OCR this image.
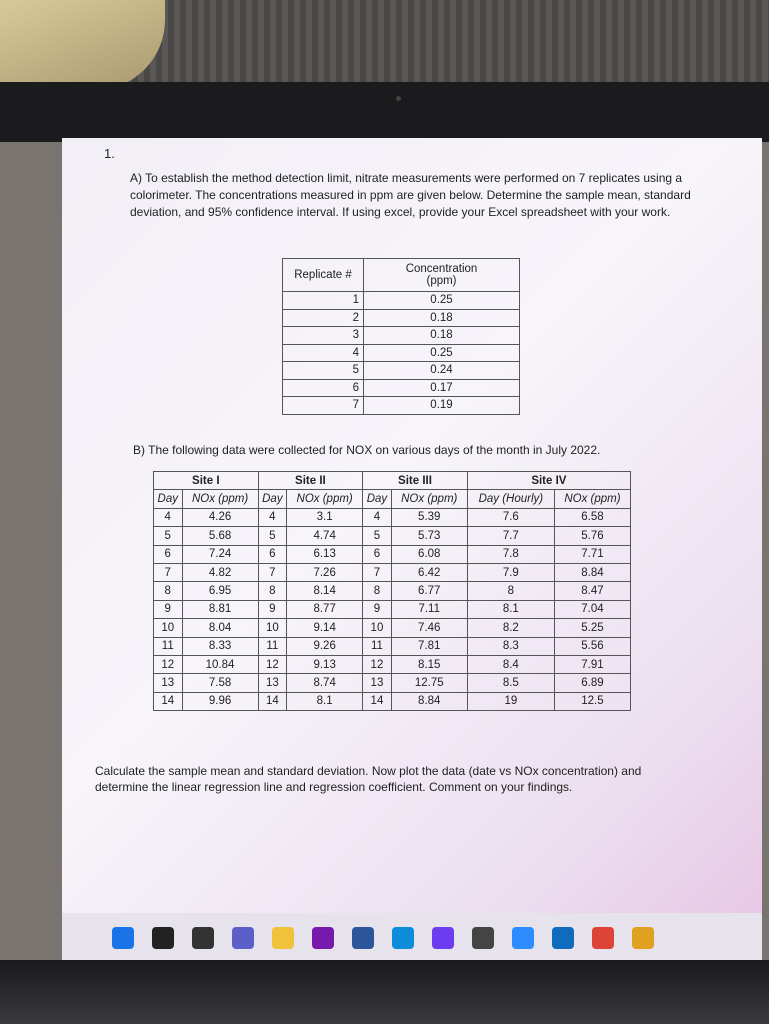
1.
A) To establish the method detection limit, nitrate measurements were performed on 7 replicates using a colorimeter. The concentrations measured in ppm are given below. Determine the sample mean, standard deviation, and 95% confidence interval. If using excel, provide your Excel spreadsheet with your work.
Replicate #	Concentration
(ppm)

1	0.25
2	0.18
3	0.18
4	0.25
5	0.24
6	0.17
7	0.19
B) The following data were collected for NOX on various days of the month in July 2022.
Site I		Site II		Site III		Site IV	
Day	NOx (ppm)	Day	NOx (ppm)	Day	NOx (ppm)	Day (Hourly)	NOx (ppm)
4	4.26	4	3.1	4	5.39	7.6	6.58
5	5.68	5	4.74	5	5.73	7.7	5.76
6	7.24	6	6.13	6	6.08	7.8	7.71
7	4.82	7	7.26	7	6.42	7.9	8.84
8	6.95	8	8.14	8	6.77	8	8.47
9	8.81	9	8.77	9	7.11	8.1	7.04
10	8.04	10	9.14	10	7.46	8.2	5.25
11	8.33	11	9.26	11	7.81	8.3	5.56
12	10.84	12	9.13	12	8.15	8.4	7.91
13	7.58	13	8.74	13	12.75	8.5	6.89
14	9.96	14	8.1	14	8.84	19	12.5
Calculate the sample mean and standard deviation. Now plot the data (date vs NOx concentration) and determine the linear regression line and regression coefficient. Comment on your findings.
